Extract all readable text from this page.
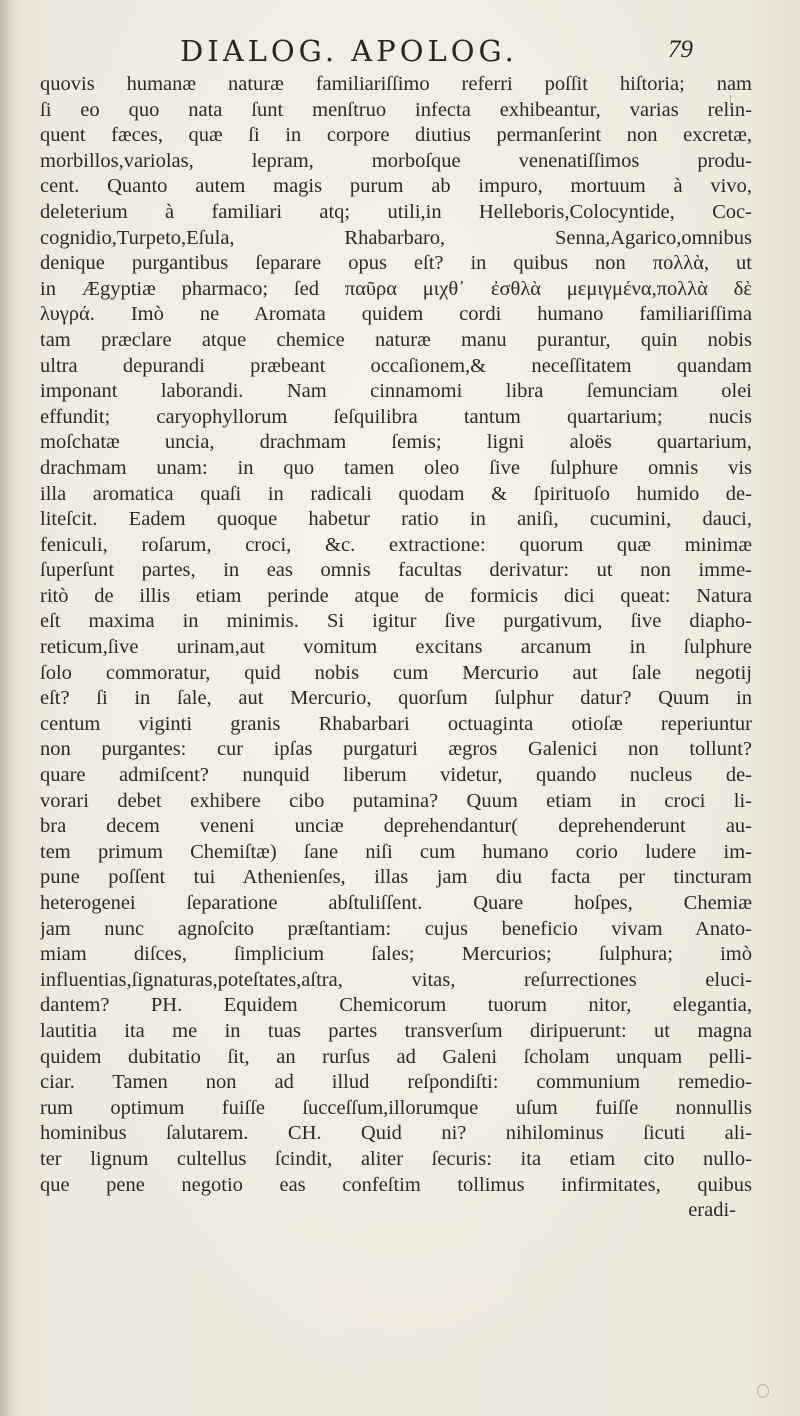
DIALOG. APOLOG.	79
quovis humanæ naturæ familiariſſimo referri poſſit hiſtoria; nam
ſi eo quo nata ſunt menſtruo infecta exhibeantur, varias relin-
quent fæces, quæ ſi in corpore diutius permanſerint non excretæ,
morbillos,variolas, lepram, morboſque venenatiſſimos produ-
cent. Quanto autem magis purum ab impuro, mortuum à vivo,
deleterium à familiari atq; utili,in Helleboris,Colocyntide, Coc-
cognidio,Turpeto,Eſula, Rhabarbaro, Senna,Agarico,omnibus
denique purgantibus ſeparare opus eſt? in quibus non πολλὰ, ut
in Ægyptiæ pharmaco; ſed παῦρα μιχθ᾽ ἐσθλὰ μεμιγμένα,πολλὰ δὲ
λυγρά. Imò ne Aromata quidem cordi humano familiariſſima
tam præclare atque chemice naturæ manu purantur, quin nobis
ultra depurandi præbeant occaſionem,& neceſſitatem quandam
imponant laborandi. Nam cinnamomi libra ſemunciam olei
effundit; caryophyllorum ſeſquilibra tantum quartarium; nucis
moſchatæ uncia, drachmam ſemis; ligni aloës quartarium,
drachmam unam: in quo tamen oleo ſive ſulphure omnis vis
illa aromatica quaſi in radicali quodam & ſpirituoſo humido de-
liteſcit. Eadem quoque habetur ratio in aniſi, cucumini, dauci,
feniculi, roſarum, croci, &c. extractione: quorum quæ minimæ
ſuperſunt partes, in eas omnis facultas derivatur: ut non imme-
ritò de illis etiam perinde atque de formicis dici queat: Natura
eſt maxima in minimis. Si igitur ſive purgativum, ſive diapho-
reticum,ſive urinam,aut vomitum excitans arcanum in ſulphure
ſolo commoratur, quid nobis cum Mercurio aut ſale negotij
eſt? ſi in ſale, aut Mercurio, quorſum ſulphur datur? Quum in
centum viginti granis Rhabarbari octuaginta otioſæ reperiuntur
non purgantes: cur ipſas purgaturi ægros Galenici non tollunt?
quare admiſcent? nunquid liberum videtur, quando nucleus de-
vorari debet exhibere cibo putamina? Quum etiam in croci li-
bra decem veneni unciæ deprehendantur( deprehenderunt au-
tem primum Chemiſtæ) ſane niſi cum humano corio ludere im-
pune poſſent tui Athenienſes, illas jam diu facta per tincturam
heterogenei ſeparatione abſtuliſſent. Quare hoſpes, Chemiæ
jam nunc agnoſcito præſtantiam: cujus beneficio vivam Anato-
miam diſces, ſimplicium ſales; Mercurios; ſulphura; imò
influentias,ſignaturas,poteſtates,aſtra, vitas, reſurrectiones eluci-
dantem? PH. Equidem Chemicorum tuorum nitor, elegantia,
lautitia ita me in tuas partes transverſum diripuerunt: ut magna
quidem dubitatio ſit, an rurſus ad Galeni ſcholam unquam pelli-
ciar. Tamen non ad illud reſpondiſti: communium remedio-
rum optimum fuiſſe ſucceſſum,illorumque uſum fuiſſe nonnullis
hominibus ſalutarem. CH. Quid ni? nihilominus ſicuti ali-
ter lignum cultellus ſcindit, aliter ſecuris: ita etiam cito nullo-
que pene negotio eas confeſtim tollimus infirmitates, quibus
eradi-
